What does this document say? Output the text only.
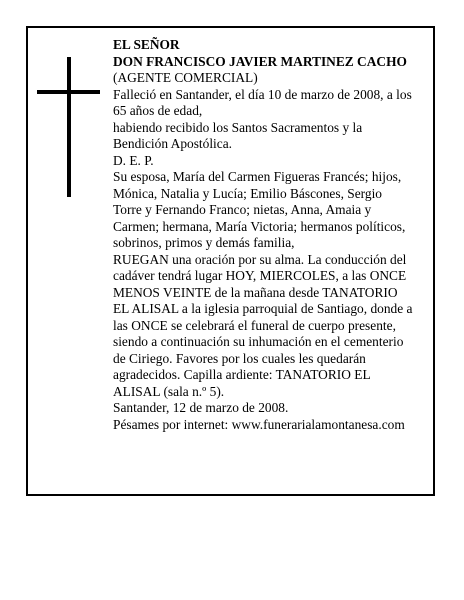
EL SEÑOR
DON FRANCISCO JAVIER MARTINEZ CACHO
(AGENTE COMERCIAL)
Falleció en Santander, el día 10 de marzo de 2008, a los
65 años de edad,
habiendo recibido los Santos Sacramentos y la
Bendición Apostólica.
D. E. P.
Su esposa, María del Carmen Figueras Francés; hijos,
Mónica, Natalia y Lucía; Emilio Báscones, Sergio
Torre y Fernando Franco; nietas, Anna, Amaia y
Carmen; hermana, María Victoria; hermanos políticos,
sobrinos, primos y demás familia,
RUEGAN una oración por su alma. La conducción del
cadáver tendrá lugar HOY, MIERCOLES, a las ONCE
MENOS VEINTE de la mañana desde TANATORIO
EL ALISAL a la iglesia parroquial de Santiago, donde a
las ONCE se celebrará el funeral de cuerpo presente,
siendo a continuación su inhumación en el cementerio
de Ciriego. Favores por los cuales les quedarán
agradecidos. Capilla ardiente: TANATORIO EL
ALISAL (sala n.º 5).
Santander, 12 de marzo de 2008.
Pésames por internet: www.funerarialamontanesa.com
